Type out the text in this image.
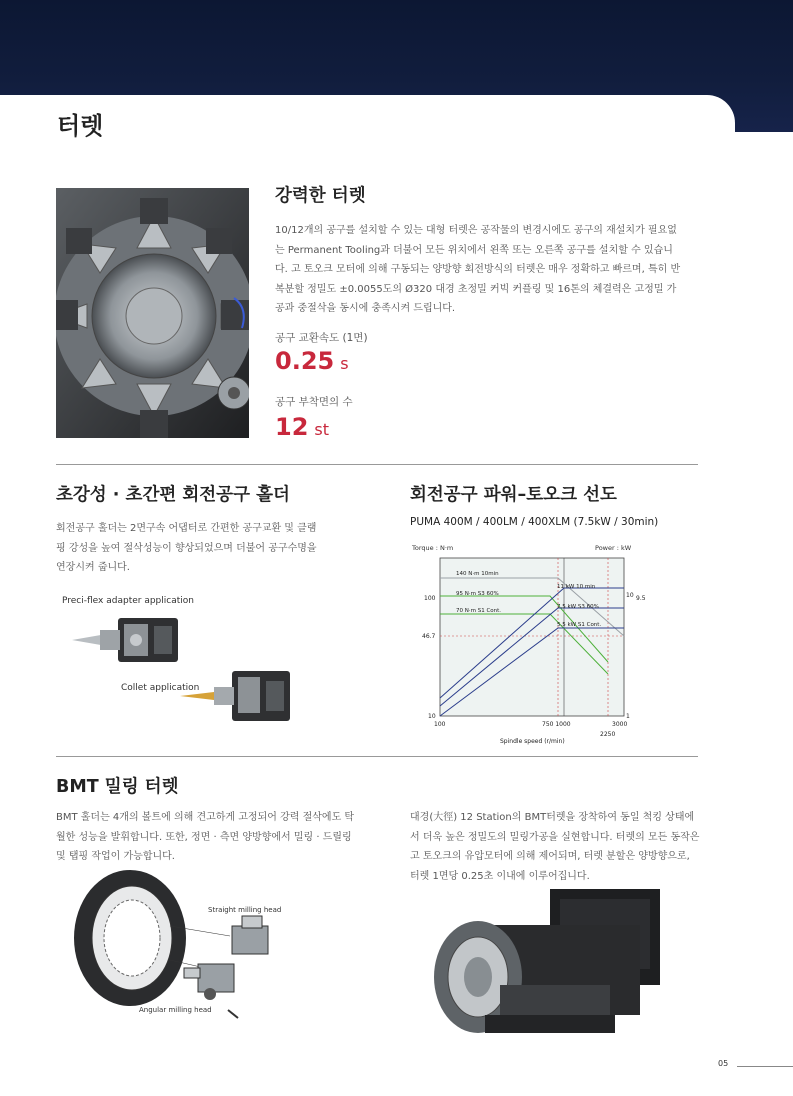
터렛
강력한 터렛
10/12개의 공구를 설치할 수 있는 대형 터렛은 공작물의 변경시에도 공구의 재설치가 필요없는 Permanent Tooling과 더불어 모든 위치에서 왼쪽 또는 오른쪽 공구를 설치할 수 있습니다. 고 토오크 모터에 의해 구동되는 양방향 회전방식의 터렛은 매우 정확하고 빠르며, 특히 반복분할 정밀도 ±0.0055도의 Ø320 대경 초정밀 커빅 커플링 및 16톤의 체결력은 고정밀 가공과 중절삭을 동시에 충족시켜 드립니다.
공구 교환속도 (1면)
0.25 s
공구 부착면의 수
12 st
초강성 · 초간편 회전공구 홀더
회전공구 홀더는 2면구속 어댑터로 간편한 공구교환 및 클램핑 강성을 높여 절삭성능이 향상되었으며 더불어 공구수명을 연장시켜 줍니다.
Preci-flex adapter application
Collet application
회전공구 파워–토오크 선도
PUMA 400M / 400LM / 400XLM (7.5kW / 30min)
Torque : N·m	Power : kW
140 N·m 10min
95 N·m S3 60%
70 N·m S1 Cont.
11 kW 10 min
7.5 kW S3 60%
5.5 kW S1 Cont.
100
46.7
10
10 9.5
1
100	750 1000
2250
3000
Spindle speed (r/min)
BMT 밀링 터렛
BMT 홀더는 4개의 볼트에 의해 견고하게 고정되어 강력 절삭에도 탁월한 성능을 발휘합니다. 또한, 정면 · 측면 양방향에서 밀링 · 드릴링 및 탭핑 작업이 가능합니다.
대경(大徑) 12 Station의 BMT터렛을 장착하여 동일 척킹 상태에서 더욱 높은 정밀도의 밀링가공을 실현합니다. 터렛의 모든 동작은 고 토오크의 유압모터에 의해 제어되며, 터렛 분할은 양방향으로, 터렛 1면당 0.25초 이내에 이루어집니다.
Straight milling head
Angular milling head
05
